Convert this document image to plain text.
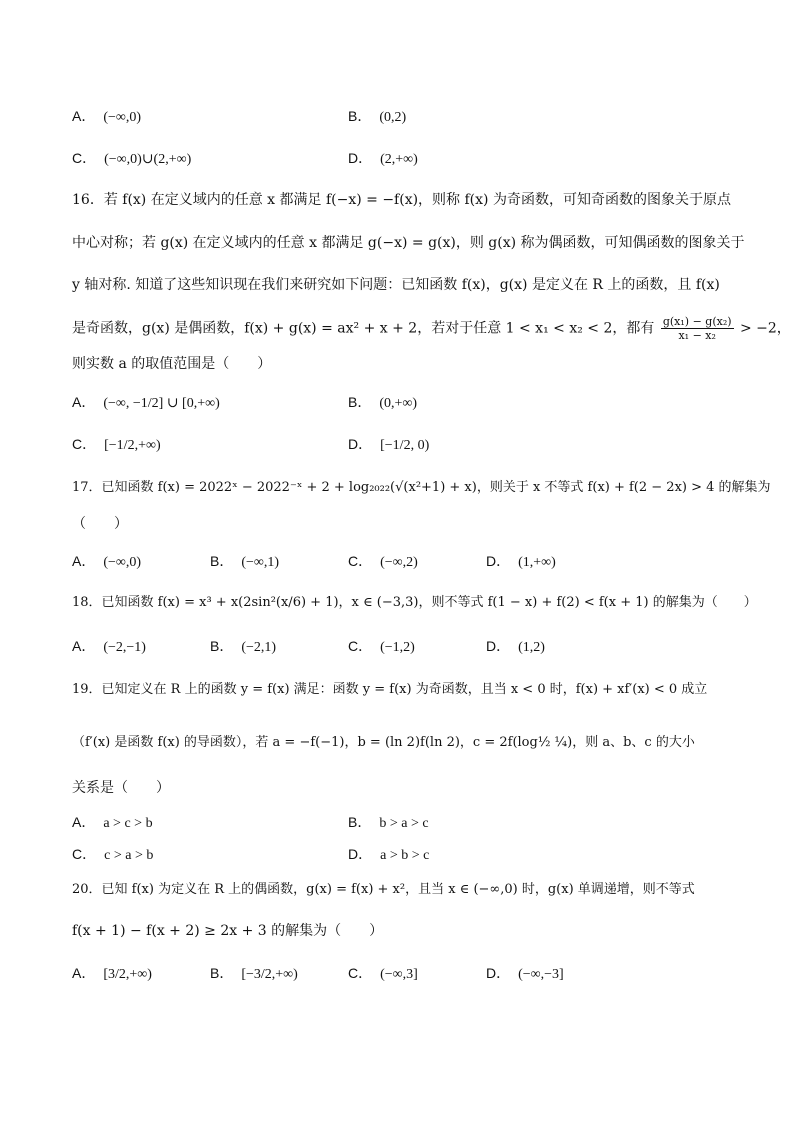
A． (−∞,0)	B． (0,2)
C． (−∞,0)∪(2,+∞)	D． (2,+∞)
16．若 f(x) 在定义域内的任意 x 都满足 f(−x) = −f(x)，则称 f(x) 为奇函数，可知奇函数的图象关于原点
中心对称；若 g(x) 在定义域内的任意 x 都满足 g(−x) = g(x)，则 g(x) 称为偶函数，可知偶函数的图象关于
y 轴对称. 知道了这些知识现在我们来研究如下问题：已知函数 f(x)，g(x) 是定义在 R 上的函数，且 f(x)
是奇函数，g(x) 是偶函数，f(x) + g(x) = ax² + x + 2，若对于任意 1 < x₁ < x₂ < 2，都有 $\frac{\text{g(x₁) − g(x₂)}}{\text{x₁ − x₂}} > -2$，
则实数 a 的取值范围是（　　）
A． (−∞, −1/2] ∪ [0,+∞)	B． (0,+∞)
C． [−1/2,+∞)	D． [−1/2, 0)
17．已知函数 f(x) = 2022ˣ − 2022⁻ˣ + 2 + log₂₀₂₂(√(x²+1) + x)，则关于 x 不等式 f(x) + f(2 − 2x) > 4 的解集为
（　　）
A． (−∞,0)	B． (−∞,1)	C． (−∞,2)	D． (1,+∞)
18．已知函数 f(x) = x³ + x(2sin²(x/6) + 1)，x ∈ (−3,3)，则不等式 f(1 − x) + f(2) < f(x + 1) 的解集为（　　）
A． (−2,−1)	B． (−2,1)	C． (−1,2)	D． (1,2)
19．已知定义在 R 上的函数 y = f(x) 满足：函数 y = f(x) 为奇函数，且当 x < 0 时，f(x) + xf′(x) < 0 成立
（f′(x) 是函数 f(x) 的导函数），若 a = −f(−1)，b = (ln 2)f(ln 2)，c = 2f(log½ ¼)，则 a、b、c 的大小
关系是（　　）
A． a > c > b	B． b > a > c
C． c > a > b	D． a > b > c
20．已知 f(x) 为定义在 R 上的偶函数，g(x) = f(x) + x²，且当 x ∈ (−∞,0) 时，g(x) 单调递增，则不等式
f(x + 1) − f(x + 2) ≥ 2x + 3 的解集为（　　）
A． [3/2,+∞)	B． [−3/2,+∞)	C． (−∞,3]	D． (−∞,−3]
